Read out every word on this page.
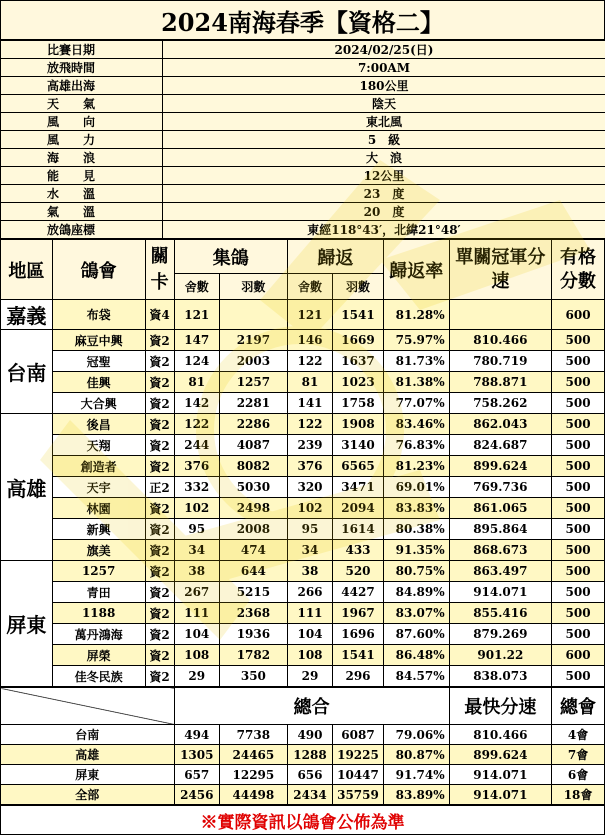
2024南海春季【資格二】
比賽日期	2024/02/25(日)
放飛時間	7:00AM
高雄出海	180公里
天　　氣	陰天
風　　向	東北風
風　　力	5　級
海　　浪	大　浪
能　　見	12公里
水　　溫	23　度
氣　　溫	20　度
放鴿座標	東經118°43′，北緯21°48′
地區	鴿會	關卡	集鴿		歸返		歸返率	單關冠軍分速	有格分數
			舍數	羽數	舍數	羽數			
嘉義	布袋	資4	121		121	1541	81.28%		600
台南	麻豆中興	資2	147	2197	146	1669	75.97%	810.466	500
	冠聖	資2	124	2003	122	1637	81.73%	780.719	500
	佳興	資2	81	1257	81	1023	81.38%	788.871	500
	大合興	資2	142	2281	141	1758	77.07%	758.262	500
高雄	後昌	資2	122	2286	122	1908	83.46%	862.043	500
	天翔	資2	244	4087	239	3140	76.83%	824.687	500
	創造者	資2	376	8082	376	6565	81.23%	899.624	500
	天宇	正2	332	5030	320	3471	69.01%	769.736	500
	林園	資2	102	2498	102	2094	83.83%	861.065	500
	新興	資2	95	2008	95	1614	80.38%	895.864	500
	旗美	資2	34	474	34	433	91.35%	868.673	500
屏東	1257	資2	38	644	38	520	80.75%	863.497	500
	青田	資2	267	5215	266	4427	84.89%	914.071	500
	1188	資2	111	2368	111	1967	83.07%	855.416	500
	萬丹鴻海	資2	104	1936	104	1696	87.60%	879.269	500
	屏榮	資2	108	1782	108	1541	86.48%	901.22	600
	佳冬民族	資2	29	350	29	296	84.57%	838.073	500
	總合					最快分速	總會
台南	494	7738	490	6087	79.06%	810.466	4會
高雄	1305	24465	1288	19225	80.87%	899.624	7會
屏東	657	12295	656	10447	91.74%	914.071	6會
全部	2456	44498	2434	35759	83.89%	914.071	18會
※實際資訊以鴿會公佈為準
